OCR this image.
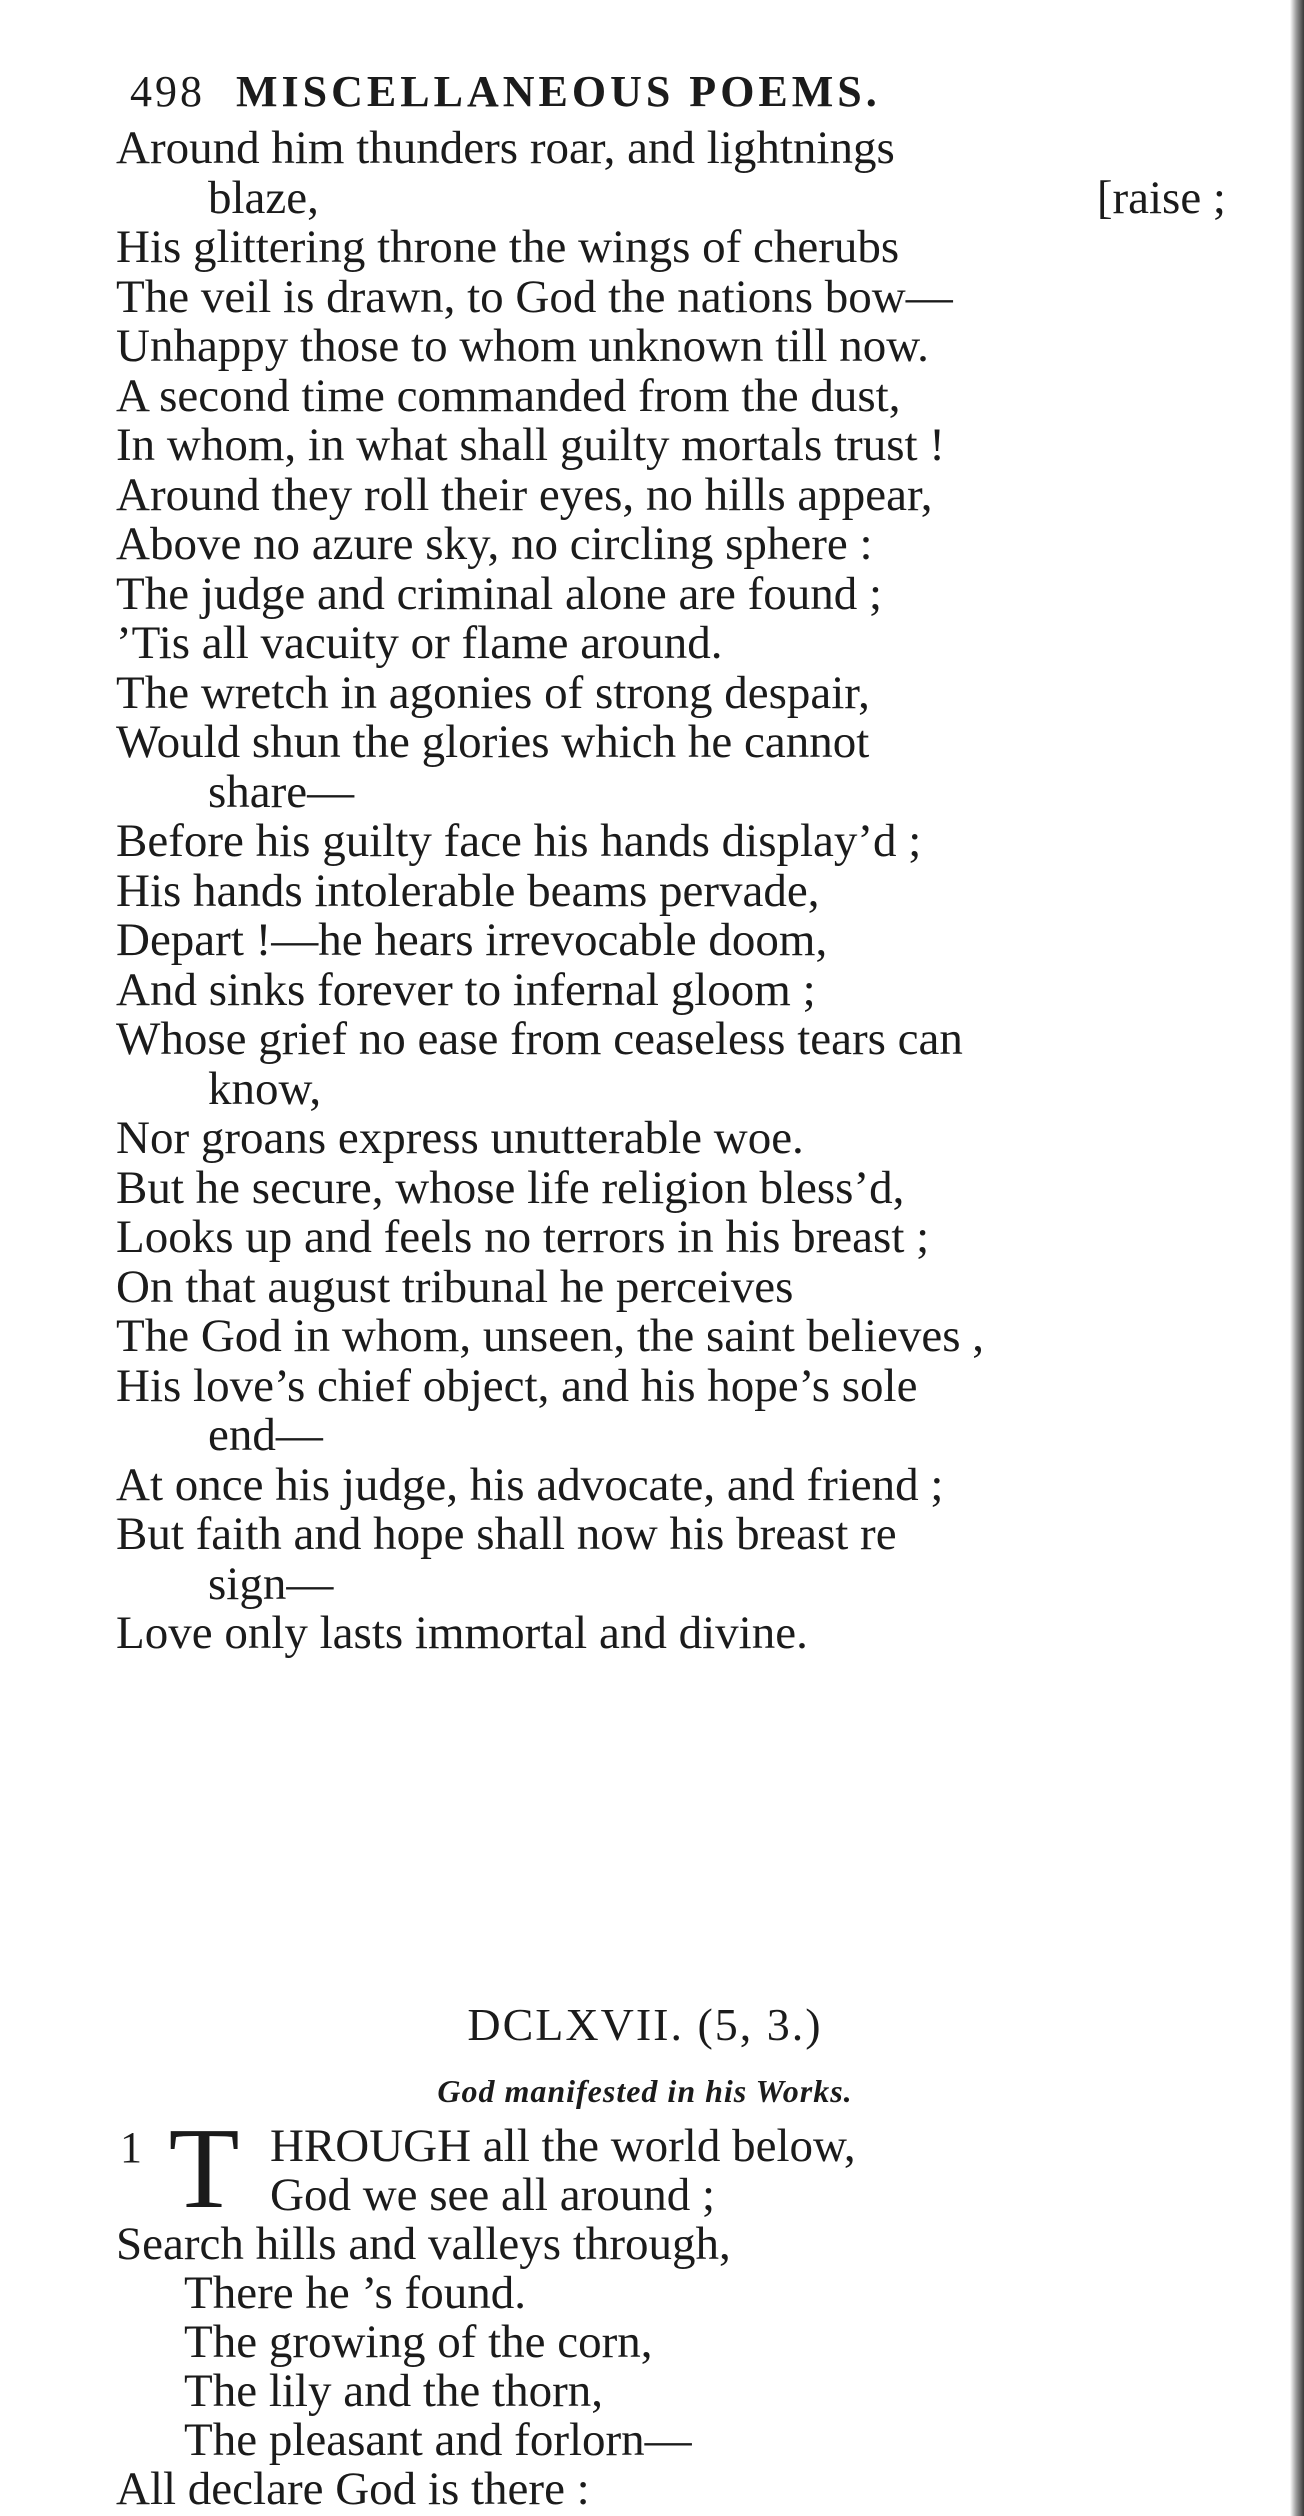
498 MISCELLANEOUS POEMS.
Around him thunders roar, and lightnings
blaze,	[raise ;
His glittering throne the wings of cherubs
The veil is drawn, to God the nations bow—
Unhappy those to whom unknown till now.
A second time commanded from the dust,
In whom, in what shall guilty mortals trust !
Around they roll their eyes, no hills appear,
Above no azure sky, no circling sphere :
The judge and criminal alone are found ;
’Tis all vacuity or flame around.
The wretch in agonies of strong despair,
Would shun the glories which he cannot
share—
Before his guilty face his hands display’d ;
His hands intolerable beams pervade,
Depart !—he hears irrevocable doom,
And sinks forever to infernal gloom ;
Whose grief no ease from ceaseless tears can
know,
Nor groans express unutterable woe.
But he secure, whose life religion bless’d,
Looks up and feels no terrors in his breast ;
On that august tribunal he perceives
The God in whom, unseen, the saint believes ,
His love’s chief object, and his hope’s sole
end—
At once his judge, his advocate, and friend ;
But faith and hope shall now his breast re
sign—
Love only lasts immortal and divine.
DCLXVII. (5, 3.)
God manifested in his Works.
1 T HROUGH all the world below,
God we see all around ;
Search hills and valleys through,
There he ’s found.
The growing of the corn,
The lily and the thorn,
The pleasant and forlorn—
All declare God is there :
